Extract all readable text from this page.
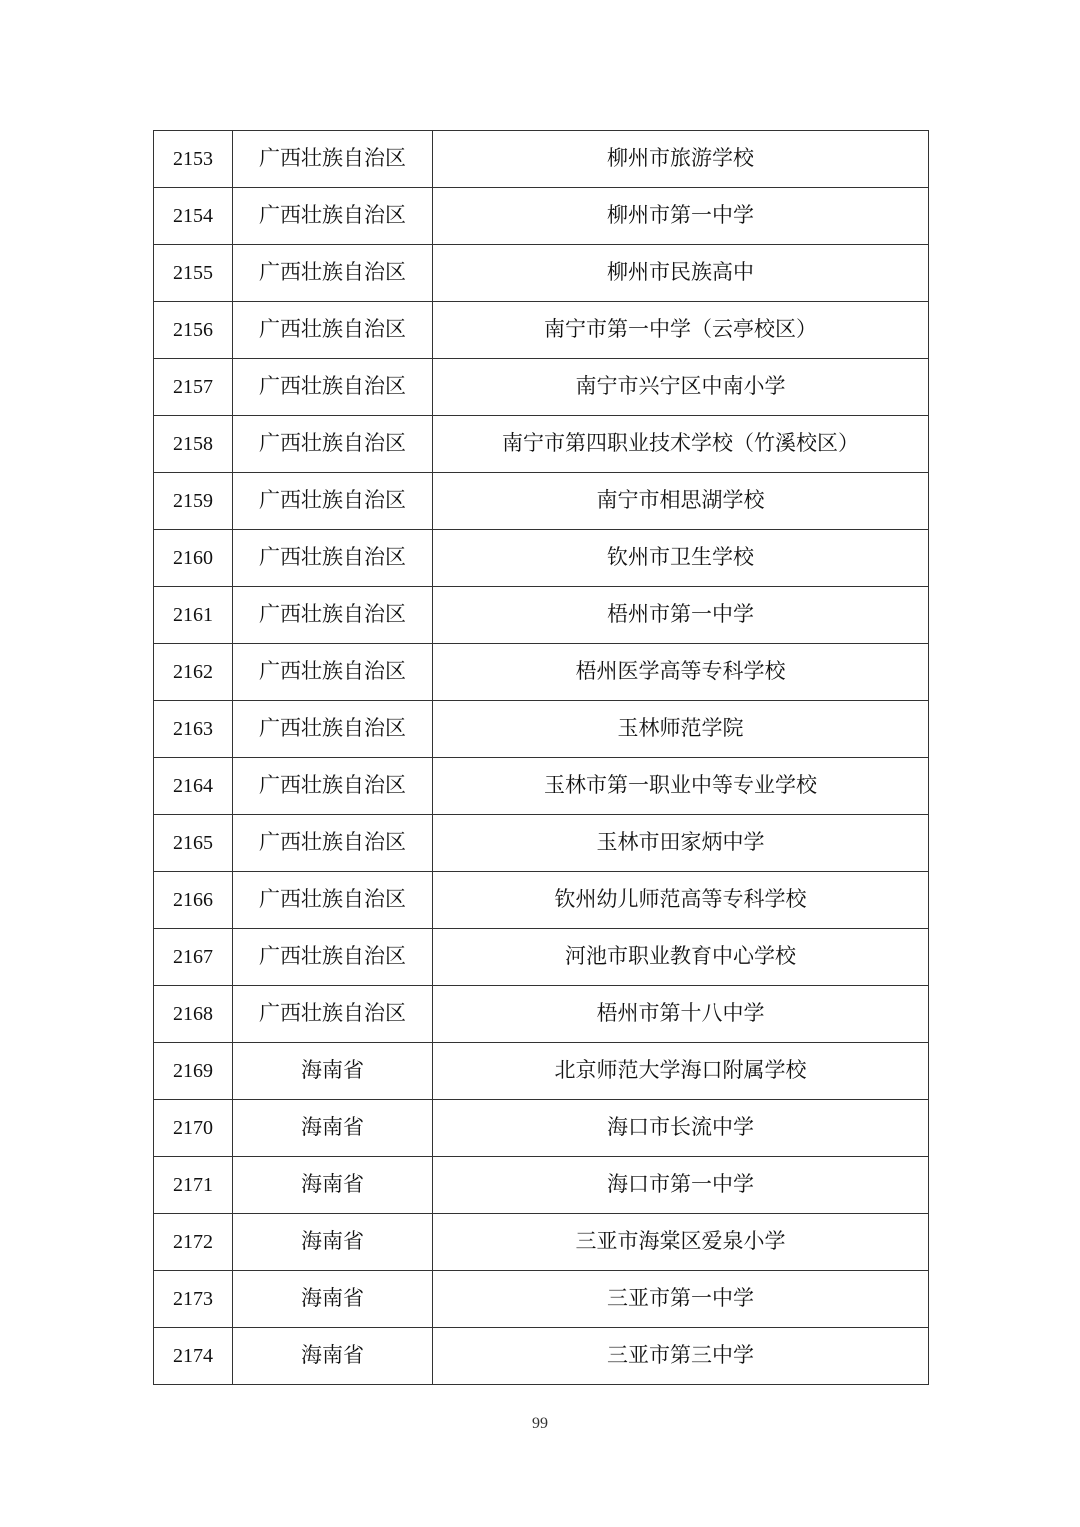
2153	广西壮族自治区	柳州市旅游学校
2154	广西壮族自治区	柳州市第一中学
2155	广西壮族自治区	柳州市民族高中
2156	广西壮族自治区	南宁市第一中学（云亭校区）
2157	广西壮族自治区	南宁市兴宁区中南小学
2158	广西壮族自治区	南宁市第四职业技术学校（竹溪校区）
2159	广西壮族自治区	南宁市相思湖学校
2160	广西壮族自治区	钦州市卫生学校
2161	广西壮族自治区	梧州市第一中学
2162	广西壮族自治区	梧州医学高等专科学校
2163	广西壮族自治区	玉林师范学院
2164	广西壮族自治区	玉林市第一职业中等专业学校
2165	广西壮族自治区	玉林市田家炳中学
2166	广西壮族自治区	钦州幼儿师范高等专科学校
2167	广西壮族自治区	河池市职业教育中心学校
2168	广西壮族自治区	梧州市第十八中学
2169	海南省	北京师范大学海口附属学校
2170	海南省	海口市长流中学
2171	海南省	海口市第一中学
2172	海南省	三亚市海棠区爱泉小学
2173	海南省	三亚市第一中学
2174	海南省	三亚市第三中学
99
